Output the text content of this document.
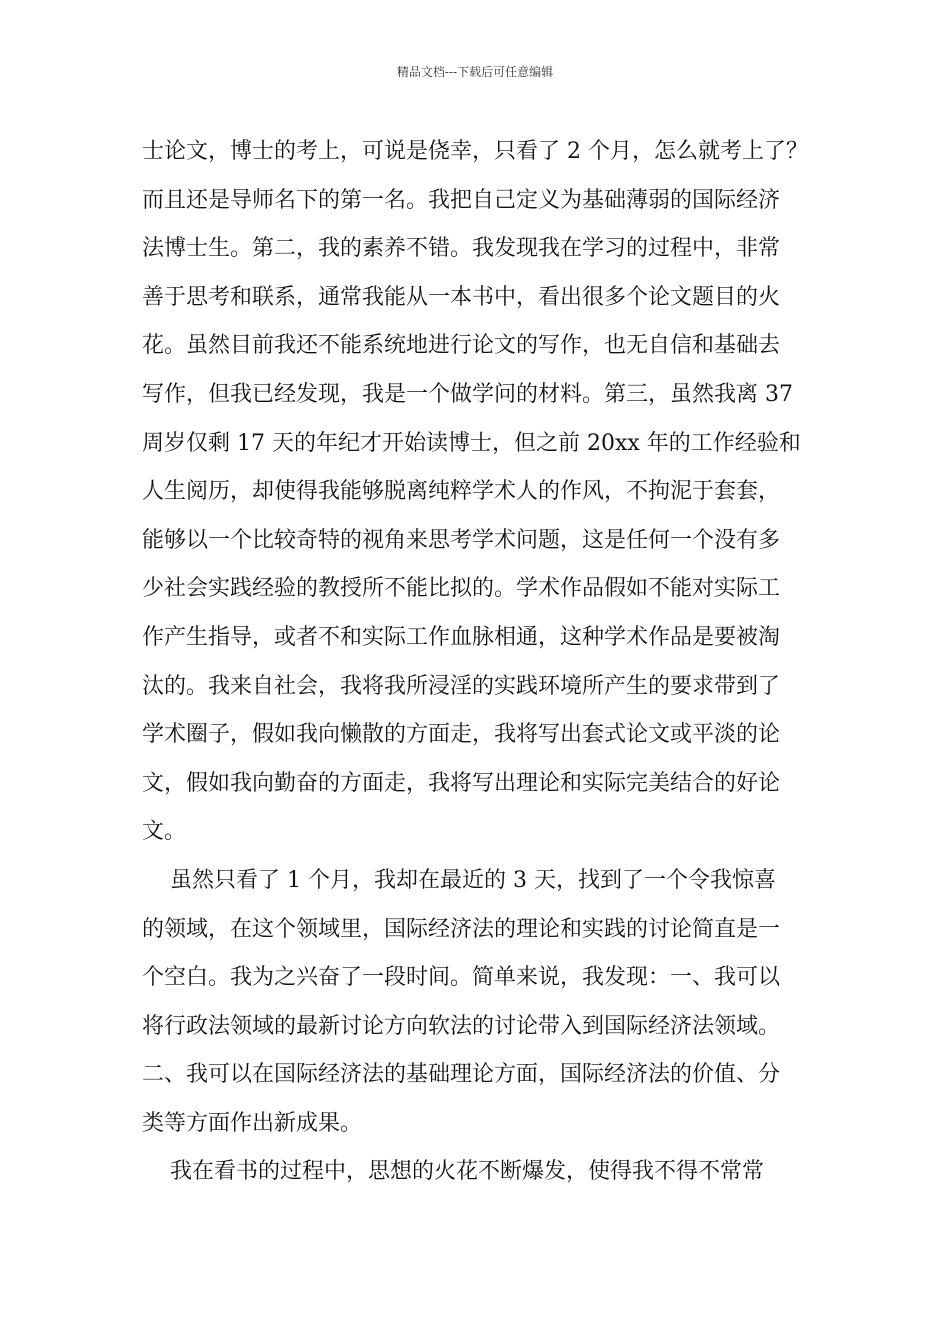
精品文档---下载后可任意编辑

士论文，博士的考上，可说是侥幸，只看了 2 个月，怎么就考上了？
而且还是导师名下的第一名。我把自己定义为基础薄弱的国际经济
法博士生。第二，我的素养不错。我发现我在学习的过程中，非常
善于思考和联系，通常我能从一本书中，看出很多个论文题目的火
花。虽然目前我还不能系统地进行论文的写作，也无自信和基础去
写作，但我已经发现，我是一个做学问的材料。第三，虽然我离 37
周岁仅剩 17 天的年纪才开始读博士，但之前 20xx 年的工作经验和
人生阅历，却使得我能够脱离纯粹学术人的作风，不拘泥于套套，
能够以一个比较奇特的视角来思考学术问题，这是任何一个没有多
少社会实践经验的教授所不能比拟的。学术作品假如不能对实际工
作产生指导，或者不和实际工作血脉相通，这种学术作品是要被淘
汰的。我来自社会，我将我所浸淫的实践环境所产生的要求带到了
学术圈子，假如我向懒散的方面走，我将写出套式论文或平淡的论
文，假如我向勤奋的方面走，我将写出理论和实际完美结合的好论
文。

虽然只看了 1 个月，我却在最近的 3 天，找到了一个令我惊喜
的领域，在这个领域里，国际经济法的理论和实践的讨论简直是一
个空白。我为之兴奋了一段时间。简单来说，我发现：一、我可以
将行政法领域的最新讨论方向软法的讨论带入到国际经济法领域。
二、我可以在国际经济法的基础理论方面，国际经济法的价值、分
类等方面作出新成果。

我在看书的过程中，思想的火花不断爆发，使得我不得不常常
